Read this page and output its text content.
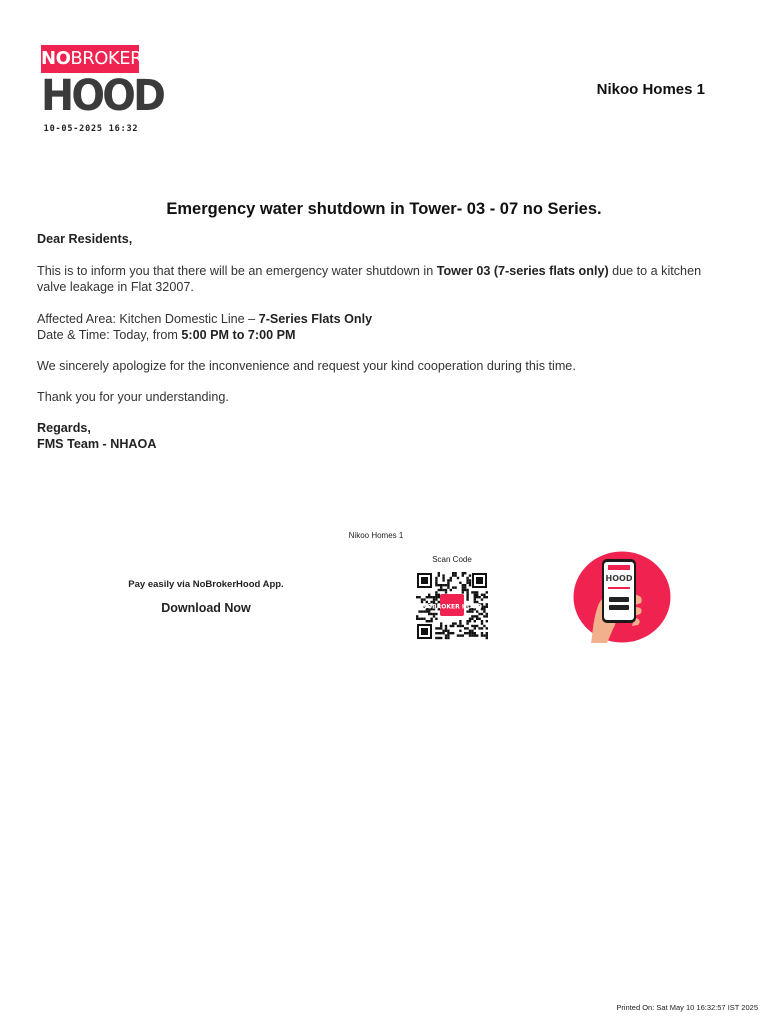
NOBROKER
HOOD
10-05-2025 16:32
Nikoo Homes 1
Emergency water shutdown in Tower- 03 - 07 no Series.
Dear Residents,
This is to inform you that there will be an emergency water shutdown in Tower 03 (7-series flats only) due to a kitchen valve leakage in Flat 32007.
Affected Area: Kitchen Domestic Line – 7-Series Flats Only
Date & Time: Today, from 5:00 PM to 7:00 PM
We sincerely apologize for the inconvenience and request your kind cooperation during this time.
Thank you for your understanding.
Regards,
FMS Team - NHAOA
Nikoo Homes 1
Pay easily via NoBrokerHood App.
Download Now
Scan Code
NOBROKER HOOD
HOOD
Printed On: Sat May 10 16:32:57 IST 2025
